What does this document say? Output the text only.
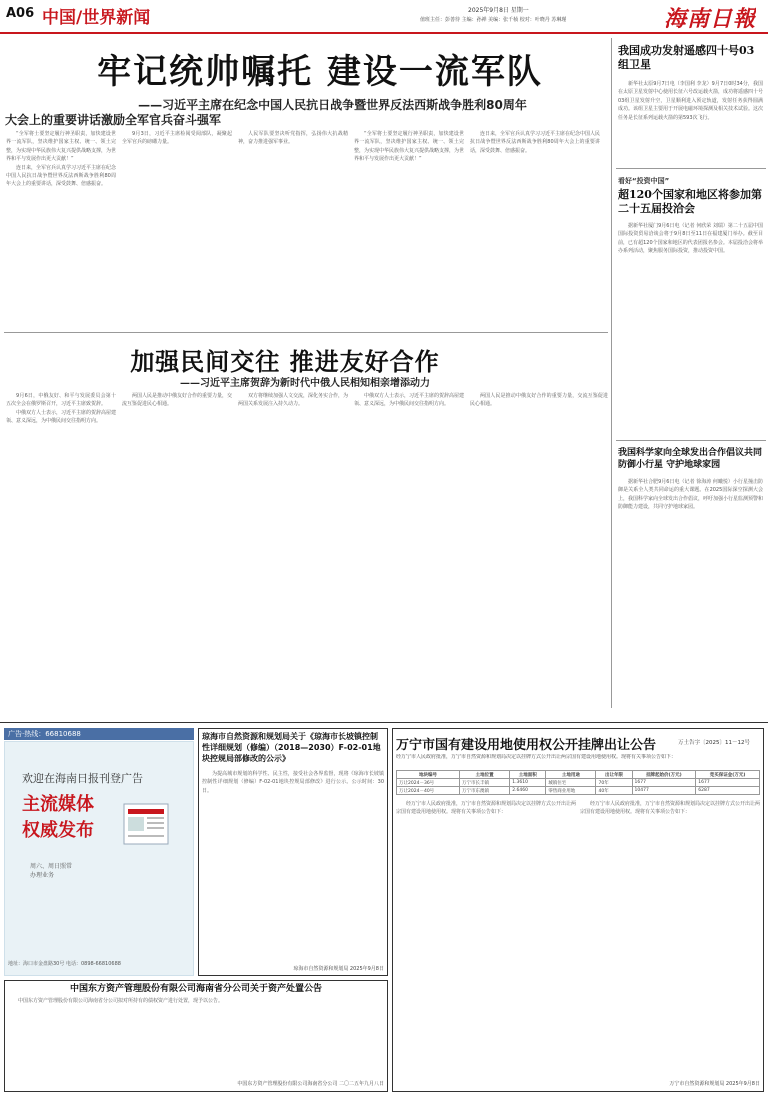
A06 中国/世界新闻	2025年9月8日 星期一
值班主任：彭善待 主编：孙禅 美编：张千桢 校对：叶晓丹 苏琳瑾	海南日報
牢记统帅嘱托 建设一流军队
——习近平主席在纪念中国人民抗日战争暨世界反法西斯战争胜利80周年
大会上的重要讲话激励全军官兵奋斗强军

“全军将士要坚定履行神圣职责，加快建设世界一流军队，坚决维护国家主权、统一、领土完整，为实现中华民族伟大复兴提供战略支撑，为世界和平与发展作出更大贡献！”

连日来，全军官兵认真学习习近平主席在纪念中国人民抗日战争暨世界反法西斯战争胜利80周年大会上的重要讲话，深受鼓舞、倍感振奋。

9月3日，习近平主席检阅受阅部队，凝聚起全军官兵的磅礴力量。

人民军队要坚决听党指挥，弘扬伟大抗战精神，奋力推进强军事业。

“全军将士要坚定履行神圣职责，加快建设世界一流军队，坚决维护国家主权、统一、领土完整，为实现中华民族伟大复兴提供战略支撑，为世界和平与发展作出更大贡献！”

连日来，全军官兵认真学习习近平主席在纪念中国人民抗日战争暨世界反法西斯战争胜利80周年大会上的重要讲话，深受鼓舞、倍感振奋。

我国成功发射遥感四十号03组卫星

新华社太原9月7日电（李国利 李龙）9月7日0时34分，我国在太原卫星发射中心使用长征六号改运载火箭，成功将遥感四十号03组卫星发射升空，卫星顺利进入预定轨道，发射任务获得圆满成功。该组卫星主要用于开展电磁环境探测及相关技术试验。这次任务是长征系列运载火箭的第593次飞行。

看好“投资中国”
超120个国家和地区将参加第二十五届投洽会

据新华社厦门9月6日电（记者 何欣荣 刘瑞）第二十五届中国国际投资贸易洽谈会将于9月8日至11日在福建厦门举办。截至目前，已有超120个国家和地区的代表团报名参会。本届投洽会将举办系列活动，聚焦服务国际投资，推动投资中国。

我国科学家向全球发出合作倡议共同防御小行星 守护地球家园

据新华社合肥9月6日电（记者 徐海涛 何曦悦）小行星撞击防御是关系全人类共同命运的重大课题。在2025国际深空探测大会上，我国科学家向全球发出合作倡议，呼吁加强小行星监测预警和防御能力建设，共同守护地球家园。

加强民间交往 推进友好合作
——习近平主席贺辞为新时代中俄人民相知相亲增添动力

9月6日，中俄友好、和平与发展委员会第十五次全会在俄罗斯召开，习近平主席致贺辞。

中俄双方人士表示，习近平主席的贺辞高屋建瓴、意义深远，为中俄民间交往指明方向。

两国人民是推动中俄友好合作的重要力量，交流互鉴促进民心相通。

双方将继续加强人文交流，深化务实合作，为两国关系发展注入持久动力。

中俄双方人士表示，习近平主席的贺辞高屋建瓴、意义深远，为中俄民间交往指明方向。

两国人民是推动中俄友好合作的重要力量，交流互鉴促进民心相通。

广告·热线：66810688
欢迎在海南日报刊登广告
主流媒体
权威发布
周六、周日照常
办理业务
地址：海口市金盘路30号 电话：0898-66810688
琼海市自然资源和规划局关于《琼海市长坡镇控制性详细规划（修编）（2018—2030）F-02-01地块控规局部修改的公示》

为提高城市规划的科学性、民主性，接受社会各界监督，现将《琼海市长坡镇控制性详细规划（修编）F-02-01地块控规局部修改》进行公示。公示时间：30日。

琼海市自然资源和规划局 2025年9月8日
中国东方资产管理股份有限公司海南省分公司关于资产处置公告

中国东方资产管理股份有限公司海南省分公司拟对所持有的债权资产进行处置，现予以公告。

中国东方资产管理股份有限公司海南省分公司 二〇二五年九月八日
万宁市国有建设用地使用权公开挂牌出让公告	万土告字〔2025〕11－12号
经万宁市人民政府批准，万宁市自然资源和规划局决定以挂牌方式公开出让两宗国有建设用地使用权。现将有关事项公告如下：
地块编号	土地位置	土地面积	土地用途	出让年限	挂牌起始价(万元)	竞买保证金(万元)
万让2024－36号	万宁市长丰镇	1.3610	城镇住宅	70年	1677	1677
万让2024－40号	万宁市东澳镇	2.6460	零售商业用地	40年	10477	6287

经万宁市人民政府批准，万宁市自然资源和规划局决定以挂牌方式公开出让两宗国有建设用地使用权。现将有关事项公告如下：

经万宁市人民政府批准，万宁市自然资源和规划局决定以挂牌方式公开出让两宗国有建设用地使用权。现将有关事项公告如下：

万宁市自然资源和规划局 2025年9月8日
